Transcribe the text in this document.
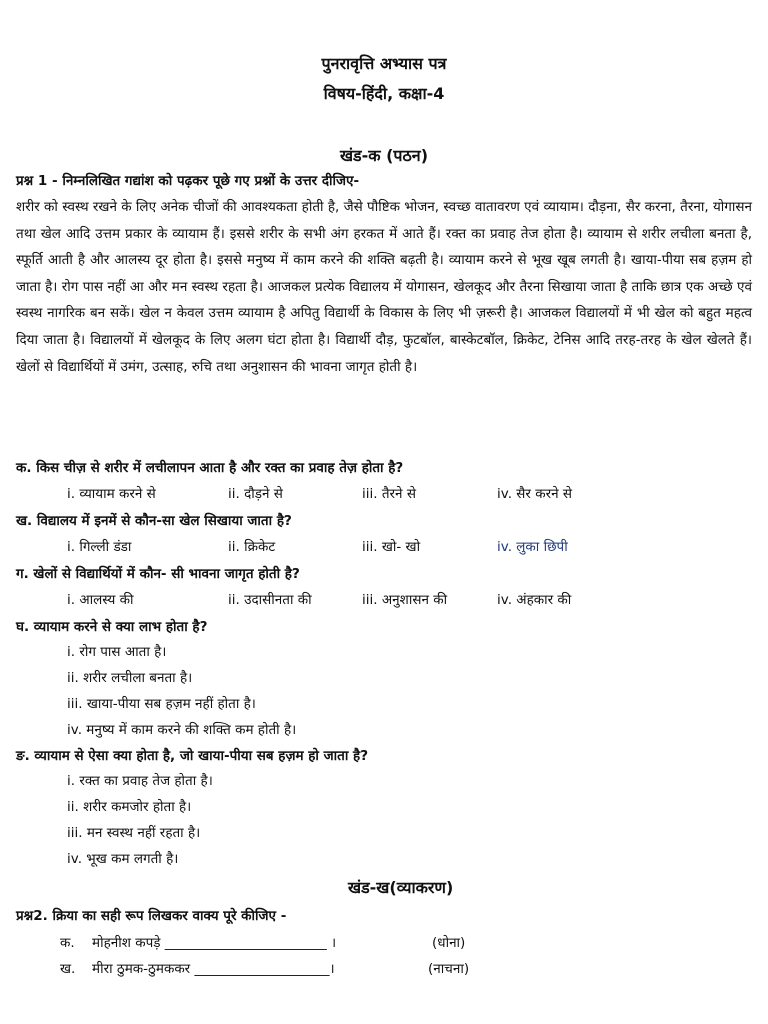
पुनरावृत्ति अभ्यास पत्र
विषय-हिंदी, कक्षा-4
खंड-क (पठन)
प्रश्न 1 - निम्नलिखित गद्यांश को पढ़कर पूछे गए प्रश्नों के उत्तर दीजिए-
शरीर को स्वस्थ रखने के लिए अनेक चीजों की आवश्यकता होती है, जैसे पौष्टिक भोजन, स्वच्छ वातावरण एवं व्यायाम। दौड़ना, सैर करना, तैरना, योगासन तथा खेल आदि उत्तम प्रकार के व्यायाम हैं। इससे शरीर के सभी अंग हरकत में आते हैं। रक्त का प्रवाह तेज होता है। व्यायाम से शरीर लचीला बनता है, स्फूर्ति आती है और आलस्य दूर होता है। इससे मनुष्य में काम करने की शक्ति बढ़ती है। व्यायाम करने से भूख खूब लगती है। खाया-पीया सब हज़म हो जाता है। रोग पास नहीं आ और मन स्वस्थ रहता है। आजकल प्रत्येक विद्यालय में योगासन, खेलकूद और तैरना सिखाया जाता है ताकि छात्र एक अच्छे एवं स्वस्थ नागरिक बन सकें। खेल न केवल उत्तम व्यायाम है अपितु विद्यार्थी के विकास के लिए भी ज़रूरी है। आजकल विद्यालयों में भी खेल को बहुत महत्व दिया जाता है। विद्यालयों में खेलकूद के लिए अलग घंटा होता है। विद्यार्थी दौड़, फुटबॉल, बास्केटबॉल, क्रिकेट, टेनिस आदि तरह-तरह के खेल खेलते हैं। खेलों से विद्यार्थियों में उमंग, उत्साह, रुचि तथा अनुशासन की भावना जागृत होती है।
क. किस चीज़ से शरीर में लचीलापन आता है और रक्त का प्रवाह तेज़ होता है?
i. व्यायाम करने से	ii. दौड़ने से	iii. तैरने से	iv. सैर करने से
ख. विद्यालय में इनमें से कौन-सा खेल सिखाया जाता है?
i. गिल्ली डंडा	ii. क्रिकेट	iii. खो- खो	iv. लुका छिपी
ग. खेलों से विद्यार्थियों में कौन- सी भावना जागृत होती है?
i. आलस्य की	ii. उदासीनता की	iii. अनुशासन की	iv. अंहकार की
घ. व्यायाम करने से क्या लाभ होता है?
i. रोग पास आता है।
ii. शरीर लचीला बनता है।
iii. खाया-पीया सब हज़म नहीं होता है।
iv. मनुष्य में काम करने की शक्ति कम होती है।
ङ. व्यायाम से ऐसा क्या होता है, जो खाया-पीया सब हज़म हो जाता है?
i. रक्त का प्रवाह तेज होता है।
ii. शरीर कमजोर होता है।
iii. मन स्वस्थ नहीं रहता है।
iv. भूख कम लगती है।
खंड-ख(व्याकरण)
प्रश्न2. क्रिया का सही रूप लिखकर वाक्य पूरे कीजिए -
क. मोहनीश कपड़े ________________________ ।	(धोना)
ख. मीरा ठुमक-ठुमककर ____________________।	(नाचना)
